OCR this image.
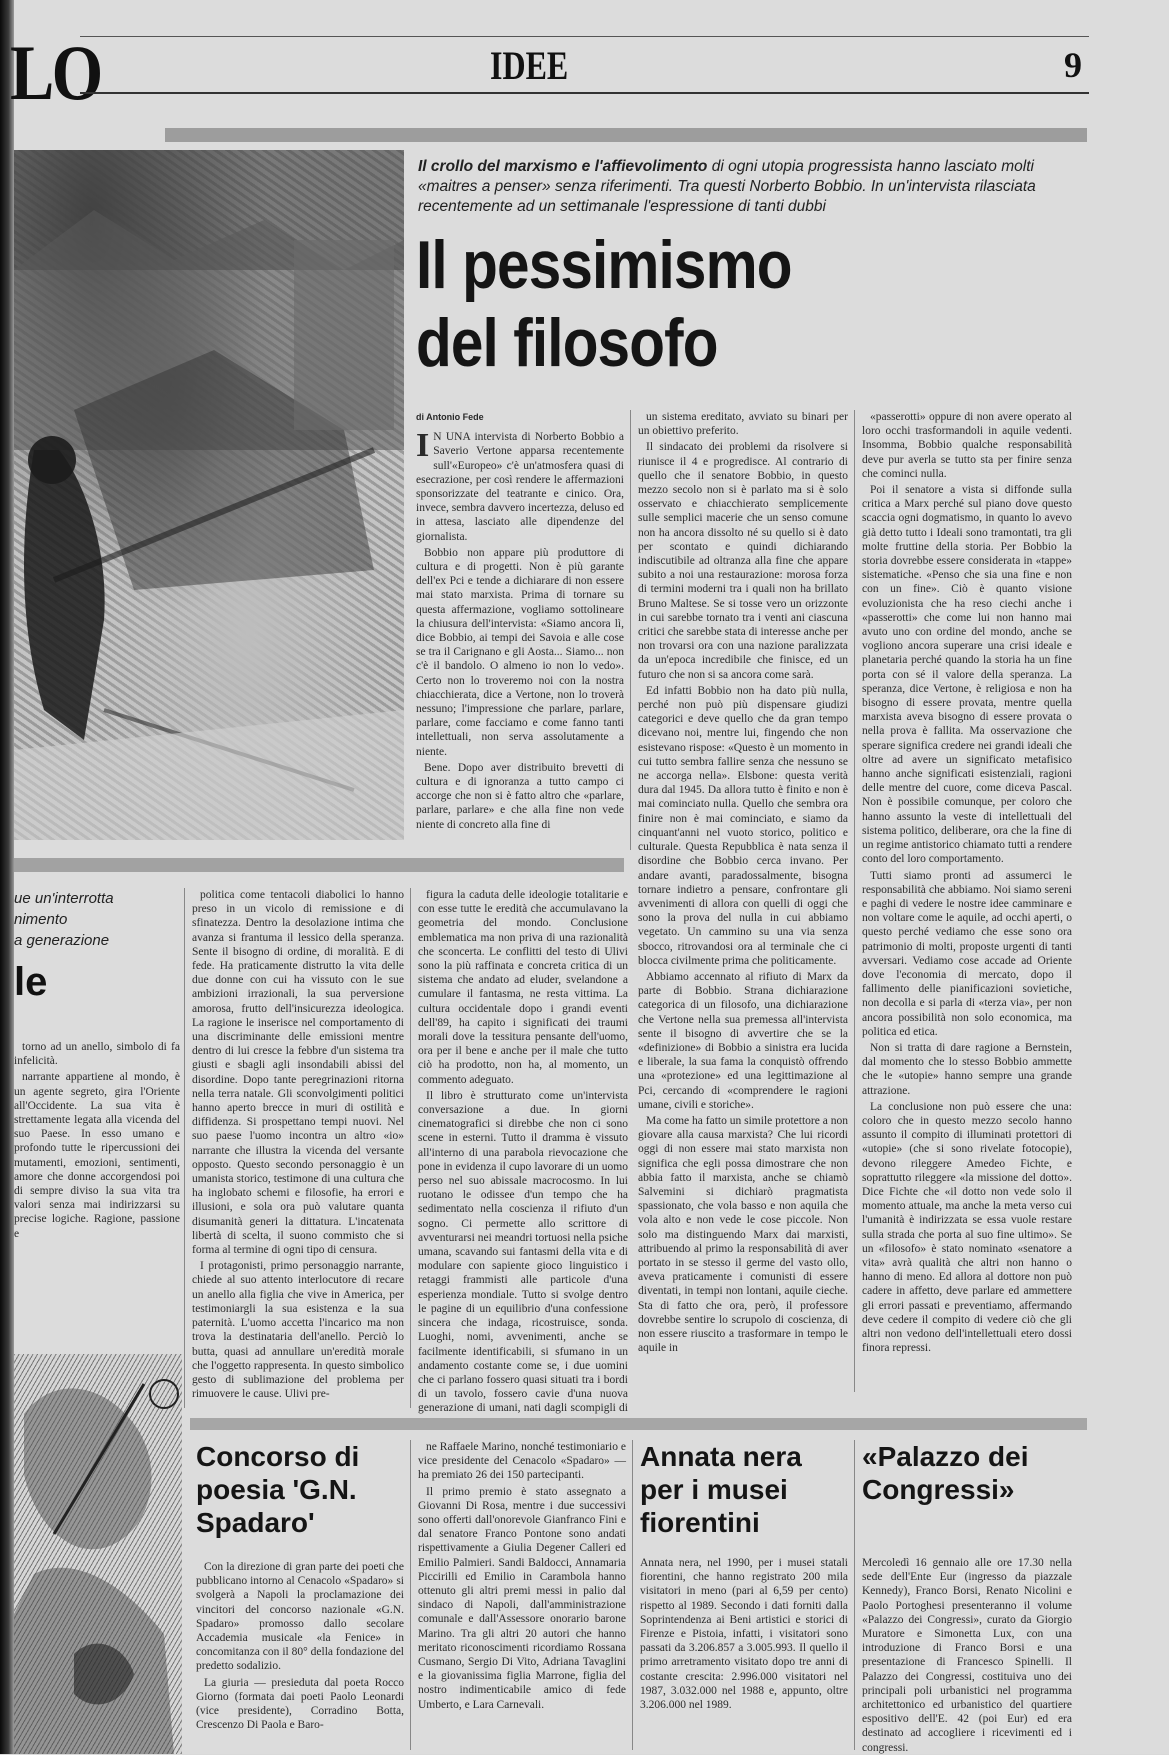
LO	IDEE	9
Il crollo del marxismo e l'affievolimento di ogni utopia progressista hanno lasciato molti «maitres a penser» senza riferimenti. Tra questi Norberto Bobbio. In un'intervista rilasciata recentemente ad un settimanale l'espressione di tanti dubbi
Il pessimismo
del filosofo
di Antonio Fede
I N UNA intervista di Norberto Bobbio a Saverio Vertone apparsa recentemente sull'«Europeo» c'è un'atmosfera quasi di esecrazione, per così rendere le affermazioni sponsorizzate del teatrante e cinico. Ora, invece, sembra davvero incertezza, deluso ed in attesa, lasciato alle dipendenze del giornalista.

Bobbio non appare più produttore di cultura e di progetti. Non è più garante dell'ex Pci e tende a dichiarare di non essere mai stato marxista. Prima di tornare su questa affermazione, vogliamo sottolineare la chiusura dell'intervista: «Siamo ancora lì, dice Bobbio, ai tempi dei Savoia e alle cose se tra il Carignano e gli Aosta... Siamo... non c'è il bandolo. O almeno io non lo vedo». Certo non lo troveremo noi con la nostra chiacchierata, dice a Vertone, non lo troverà nessuno; l'impressione che parlare, parlare, parlare, come facciamo e come fanno tanti intellettuali, non serva assolutamente a niente.

Bene. Dopo aver distribuito brevetti di cultura e di ignoranza a tutto campo ci accorge che non si è fatto altro che «parlare, parlare, parlare» e che alla fine non vede niente di concreto alla fine di

un sistema ereditato, avviato su binari per un obiettivo preferito.

Il sindacato dei problemi da risolvere si riunisce il 4 e progredisce. Al contrario di quello che il senatore Bobbio, in questo mezzo secolo non si è parlato ma si è solo osservato e chiacchierato semplicemente sulle semplici macerie che un senso comune non ha ancora dissolto né su quello si è dato per scontato e quindi dichiarando indiscutibile ad oltranza alla fine che appare subito a noi una restaurazione: morosa forza di termini moderni tra i quali non ha brillato Bruno Maltese. Se si tosse vero un orizzonte in cui sarebbe tornato tra i venti ani ciascuna critici che sarebbe stata di interesse anche per non trovarsi ora con una nazione paralizzata da un'epoca incredibile che finisce, ed un futuro che non si sa ancora come sarà.

Ed infatti Bobbio non ha dato più nulla, perché non può più dispensare giudizi categorici e deve quello che da gran tempo dicevano noi, mentre lui, fingendo che non esistevano rispose: «Questo è un momento in cui tutto sembra fallire senza che nessuno se ne accorga nella». Elsbone: questa verità dura dal 1945. Da allora tutto è finito e non è mai cominciato nulla. Quello che sembra ora finire non è mai cominciato, e siamo da cinquant'anni nel vuoto storico, politico e culturale. Questa Repubblica è nata senza il disordine che Bobbio cerca invano. Per andare avanti, paradossalmente, bisogna tornare indietro a pensare, confrontare gli avvenimenti di allora con quelli di oggi che sono la prova del nulla in cui abbiamo vegetato. Un cammino su una via senza sbocco, ritrovandosi ora al terminale che ci blocca civilmente prima che politicamente.

Abbiamo accennato al rifiuto di Marx da parte di Bobbio. Strana dichiarazione categorica di un filosofo, una dichiarazione che Vertone nella sua premessa all'intervista sente il bisogno di avvertire che se la «definizione» di Bobbio a sinistra era lucida e liberale, la sua fama la conquistò offrendo una «protezione» ed una legittimazione al Pci, cercando di «comprendere le ragioni umane, civili e storiche».

Ma come ha fatto un simile protettore a non giovare alla causa marxista? Che lui ricordi oggi di non essere mai stato marxista non significa che egli possa dimostrare che non abbia fatto il marxista, anche se chiamò Salvemini si dichiarò pragmatista spassionato, che vola basso e non aquila che vola alto e non vede le cose piccole. Non solo ma distinguendo Marx dai marxisti, attribuendo al primo la responsabilità di aver portato in se stesso il germe del vasto ollo, aveva praticamente i comunisti di essere diventati, in tempi non lontani, aquile cieche. Sta di fatto che ora, però, il professore dovrebbe sentire lo scrupolo di coscienza, di non essere riuscito a trasformare in tempo le aquile in

«passerotti» oppure di non avere operato al loro occhi trasformandoli in aquile vedenti. Insomma, Bobbio qualche responsabilità deve pur averla se tutto sta per finire senza che cominci nulla.

Poi il senatore a vista si diffonde sulla critica a Marx perché sul piano dove questo scaccia ogni dogmatismo, in quanto lo avevo già detto tutto i Ideali sono tramontati, tra gli molte fruttine della storia. Per Bobbio la storia dovrebbe essere considerata in «tappe» sistematiche. «Penso che sia una fine e non con un fine». Ciò è quanto visione evoluzionista che ha reso ciechi anche i «passerotti» che come lui non hanno mai avuto uno con ordine del mondo, anche se vogliono ancora superare una crisi ideale e planetaria perché quando la storia ha un fine porta con sé il valore della speranza. La speranza, dice Vertone, è religiosa e non ha bisogno di essere provata, mentre quella marxista aveva bisogno di essere provata o nella prova è fallita. Ma osservazione che sperare significa credere nei grandi ideali che oltre ad avere un significato metafisico hanno anche significati esistenziali, ragioni delle mentre del cuore, come diceva Pascal. Non è possibile comunque, per coloro che hanno assunto la veste di intellettuali del sistema politico, deliberare, ora che la fine di un regime antistorico chiamato tutti a rendere conto del loro comportamento.

Tutti siamo pronti ad assumerci le responsabilità che abbiamo. Noi siamo sereni e paghi di vedere le nostre idee camminare e non voltare come le aquile, ad occhi aperti, o questo perché vediamo che esse sono ora patrimonio di molti, proposte urgenti di tanti avversari. Vediamo cose accade ad Oriente dove l'economia di mercato, dopo il fallimento delle pianificazioni sovietiche, non decolla e si parla di «terza via», per non ancora possibilità non solo economica, ma politica ed etica.

Non si tratta di dare ragione a Bernstein, dal momento che lo stesso Bobbio ammette che le «utopie» hanno sempre una grande attrazione.

La conclusione non può essere che una: coloro che in questo mezzo secolo hanno assunto il compito di illuminati protettori di «utopie» (che si sono rivelate fotocopie), devono rileggere Amedeo Fichte, e soprattutto rileggere «la missione del dotto». Dice Fichte che «il dotto non vede solo il momento attuale, ma anche la meta verso cui l'umanità è indirizzata se essa vuole restare sulla strada che porta al suo fine ultimo». Se un «filosofo» è stato nominato «senatore a vita» avrà qualità che altri non hanno o hanno di meno. Ed allora al dottore non può cadere in affetto, deve parlare ed ammettere gli errori passati e preventiamo, affermando deve cedere il compito di vedere ciò che gli altri non vedono dell'intellettuali etero dossi finora repressi.

ue un'interrotta
nimento
a generazione
le

torno ad un anello, simbolo di fa infelicità.

narrante appartiene al mondo, è un agente segreto, gira l'Oriente all'Occidente. La sua vita è strettamente legata alla vicenda del suo Paese. In esso umano e profondo tutte le ripercussioni dei mutamenti, emozioni, sentimenti, amore che donne accorgendosi poi di sempre diviso la sua vita tra valori senza mai indirizzarsi su precise logiche. Ragione, passione e

politica come tentacoli diabolici lo hanno preso in un vicolo di remissione e di sfinatezza. Dentro la desolazione intima che avanza si frantuma il lessico della speranza. Sente il bisogno di ordine, di moralità. E di fede. Ha praticamente distrutto la vita delle due donne con cui ha vissuto con le sue ambizioni irrazionali, la sua perversione amorosa, frutto dell'insicurezza ideologica. La ragione le inserisce nel comportamento di una discriminante delle emissioni mentre dentro di lui cresce la febbre d'un sistema tra giusti e sbagli agli insondabili abissi del disordine. Dopo tante peregrinazioni ritorna nella terra natale. Gli sconvolgimenti politici hanno aperto brecce in muri di ostilità e diffidenza. Si prospettano tempi nuovi. Nel suo paese l'uomo incontra un altro «io» narrante che illustra la vicenda del versante opposto. Questo secondo personaggio è un umanista storico, testimone di una cultura che ha inglobato schemi e filosofie, ha errori e illusioni, e sola ora può valutare quanta disumanità generi la dittatura. L'incatenata libertà di scelta, il suono commisto che si forma al termine di ogni tipo di censura.

I protagonisti, primo personaggio narrante, chiede al suo attento interlocutore di recare un anello alla figlia che vive in America, per testimoniargli la sua esistenza e la sua paternità. L'uomo accetta l'incarico ma non trova la destinataria dell'anello. Perciò lo butta, quasi ad annullare un'eredità morale che l'oggetto rappresenta. In questo simbolico gesto di sublimazione del problema per rimuovere le cause. Ulivi pre-

figura la caduta delle ideologie totalitarie e con esse tutte le eredità che accumulavano la geometria del mondo. Conclusione emblematica ma non priva di una razionalità che sconcerta. Le conflitti del testo di Ulivi sono la più raffinata e concreta critica di un sistema che andato ad eluder, svelandone a cumulare il fantasma, ne resta vittima. La cultura occidentale dopo i grandi eventi dell'89, ha capito i significati dei traumi morali dove la tessitura pensante dell'uomo, ora per il bene e anche per il male che tutto ciò ha prodotto, non ha, al momento, un commento adeguato.

Il libro è strutturato come un'intervista conversazione a due. In giorni cinematografici si direbbe che non ci sono scene in esterni. Tutto il dramma è vissuto all'interno di una parabola rievocazione che pone in evidenza il cupo lavorare di un uomo perso nel suo abissale macrocosmo. In lui ruotano le odissee d'un tempo che ha sedimentato nella coscienza il rifiuto d'un sogno. Ci permette allo scrittore di avventurarsi nei meandri tortuosi nella psiche umana, scavando sui fantasmi della vita e di modulare con sapiente gioco linguistico i retaggi frammisti alle particole d'una esperienza mondiale. Tutto si svolge dentro le pagine di un equilibrio d'una confessione sincera che indaga, ricostruisce, sonda. Luoghi, nomi, avvenimenti, anche se facilmente identificabili, si sfumano in un andamento costante come se, i due uomini che ci parlano fossero quasi situati tra i bordi di un tavolo, fossero cavie d'una nuova generazione di umani, nati dagli scompigli di

Concorso di poesia 'G.N. Spadaro'

Con la direzione di gran parte dei poeti che pubblicano intorno al Cenacolo «Spadaro» si svolgerà a Napoli la proclamazione dei vincitori del concorso nazionale «G.N. Spadaro» promosso dallo secolare Accademia musicale «la Fenice» in concomitanza con il 80° della fondazione del predetto sodalizio.

La giuria — presieduta dal poeta Rocco Giorno (formata dai poeti Paolo Leonardi (vice presidente), Corradino Botta, Crescenzo Di Paola e Baro-

ne Raffaele Marino, nonché testimoniario e vice presidente del Cenacolo «Spadaro» — ha premiato 26 dei 150 partecipanti.

Il primo premio è stato assegnato a Giovanni Di Rosa, mentre i due successivi sono offerti dall'onorevole Gianfranco Fini e dal senatore Franco Pontone sono andati rispettivamente a Giulia Degener Calleri ed Emilio Palmieri. Sandi Baldocci, Annamaria Piccirilli ed Emilio in Carambola hanno ottenuto gli altri premi messi in palio dal sindaco di Napoli, dall'amministrazione comunale e dall'Assessore onorario barone Marino. Tra gli altri 20 autori che hanno meritato riconoscimenti ricordiamo Rossana Cusmano, Sergio Di Vito, Adriana Tavaglini e la giovanissima figlia Marrone, figlia del nostro indimenticabile amico di fede Umberto, e Lara Carnevali.

Annata nera per i musei fiorentini

Annata nera, nel 1990, per i musei statali fiorentini, che hanno registrato 200 mila visitatori in meno (pari al 6,59 per cento) rispetto al 1989. Secondo i dati forniti dalla Soprintendenza ai Beni artistici e storici di Firenze e Pistoia, infatti, i visitatori sono passati da 3.206.857 a 3.005.993. Il quello il primo arretramento visitato dopo tre anni di costante crescita: 2.996.000 visitatori nel 1987, 3.032.000 nel 1988 e, appunto, oltre 3.206.000 nel 1989.

«Palazzo dei Congressi»

Mercoledì 16 gennaio alle ore 17.30 nella sede dell'Ente Eur (ingresso da piazzale Kennedy), Franco Borsi, Renato Nicolini e Paolo Portoghesi presenteranno il volume «Palazzo dei Congressi», curato da Giorgio Muratore e Simonetta Lux, con una introduzione di Franco Borsi e una presentazione di Francesco Spinelli. Il Palazzo dei Congressi, costituiva uno dei principali poli urbanistici nel programma architettonico ed urbanistico del quartiere espositivo dell'E. 42 (poi Eur) ed era destinato ad accogliere i ricevimenti ed i congressi.
